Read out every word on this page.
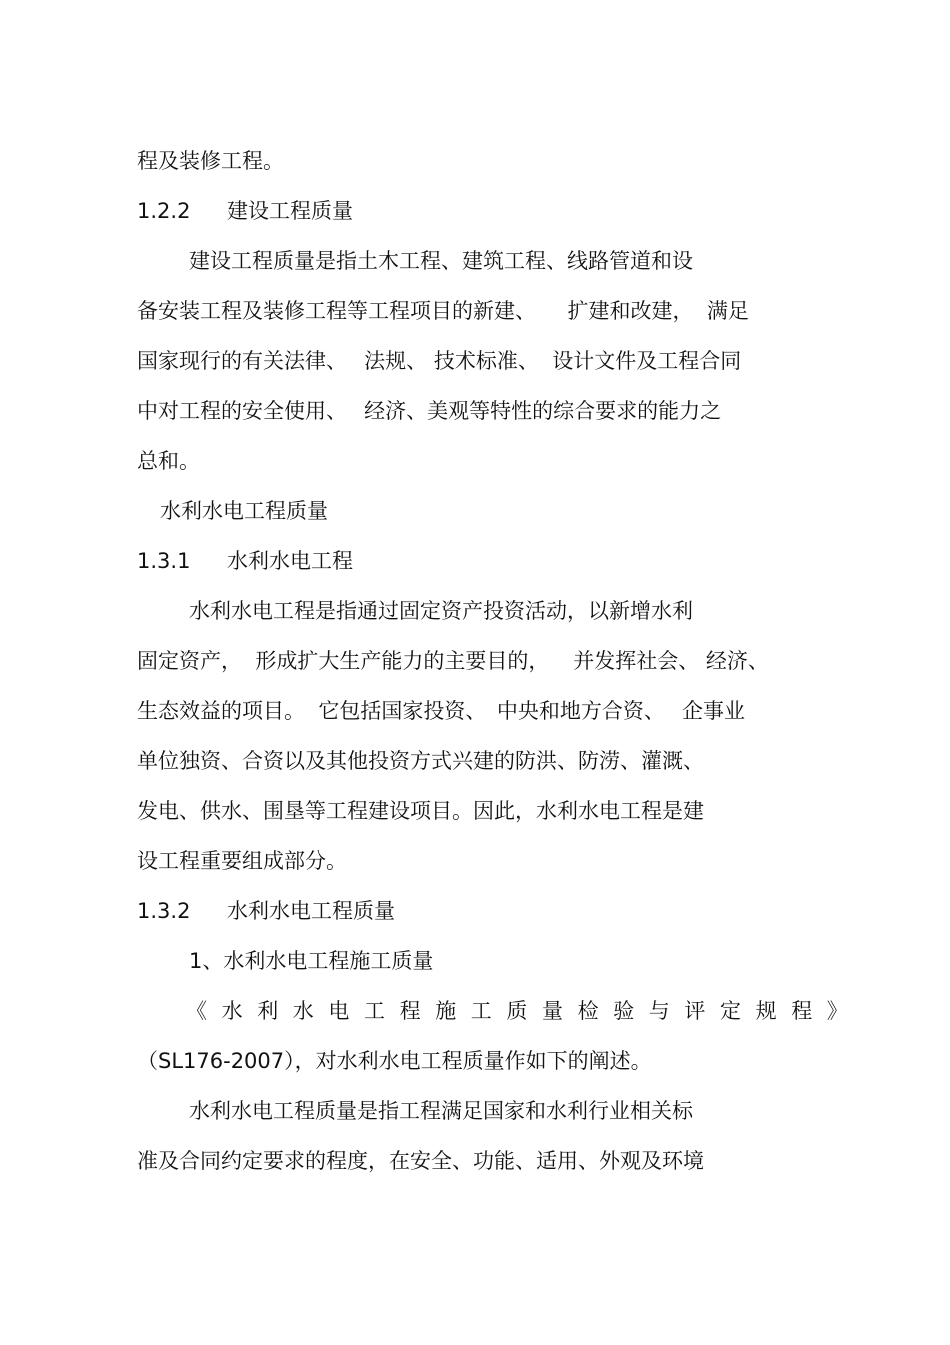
程及装修工程。
1.2.2 建设工程质量
建设工程质量是指土木工程、建筑工程、线路管道和设
备安装工程及装修工程等工程项目的新建、　　扩建和改建，  满足
国家现行的有关法律、　 法规、 技术标准、  设计文件及工程合同
中对工程的安全使用、　 经济、美观等特性的综合要求的能力之
总和。
水利水电工程质量
1.3.1 水利水电工程
水利水电工程是指通过固定资产投资活动，以新增水利
固定资产，  形成扩大生产能力的主要目的，　  并发挥社会、 经济、
生态效益的项目。  它包括国家投资、　中央和地方合资、　 企事业
单位独资、合资以及其他投资方式兴建的防洪、防涝、灌溉、
发电、供水、围垦等工程建设项目。因此，水利水电工程是建
设工程重要组成部分。
1.3.2 水利水电工程质量
1、水利水电工程施工质量
《水利水电工程施工质量检验与评定规程》
（SL176-2007），对水利水电工程质量作如下的阐述。
水利水电工程质量是指工程满足国家和水利行业相关标
准及合同约定要求的程度，在安全、功能、适用、外观及环境
